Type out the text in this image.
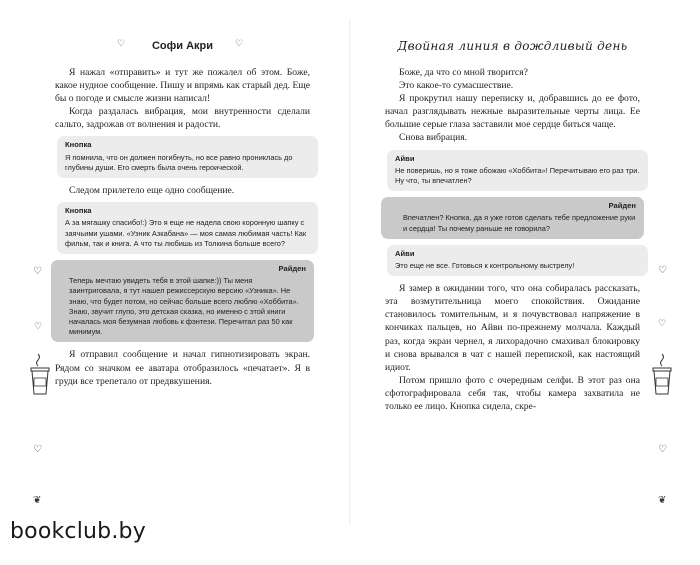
♡	Софи Акри	♡

Я нажал «отправить» и тут же пожалел об этом. Боже, какое нудное сообщение. Пишу и впрямь как старый дед. Еще бы о погоде и смысле жизни написал!

Когда раздалась вибрация, мои внутренности сделали сальто, задрожав от волнения и радости.

Кнопка
Я помнила, что он должен погибнуть, но все равно прониклась до глубины души. Его смерть была очень героической.

Следом прилетело еще одно сообщение.

Кнопка
А за мягашку спасибо!:) Это я еще не надела свою коронную шапку с заячьими ушами. «Узник Азкабана» — моя самая любимая часть! Как фильм, так и книга. А что ты любишь из Толкина больше всего?
Райден
Теперь мечтаю увидеть тебя в этой шапке:)) Ты меня заинтриговала, я тут нашел режиссерскую версию «Узника». Не знаю, что будет потом, но сейчас больше всего люблю «Хоббита». Знаю, звучит глупо, это детская сказка, но именно с этой книги началась моя безумная любовь к фэнтези. Перечитал раз 50 как минимум.

Я отправил сообщение и начал гипнотизировать экран. Рядом со значком ее аватара отобразилось «печатает». Я в груди все трепетало от предвкушения.

Двойная линия в дождливый день

Боже, да что со мной творится?

Это какое-то сумасшествие.

Я прокрутил нашу переписку и, добравшись до ее фото, начал разглядывать нежные выразительные черты лица. Ее большие серые глаза заставили мое сердце биться чаще.

Снова вибрация.

Айви
Не поверишь, но я тоже обожаю «Хоббита»! Перечитываю его раз три. Ну что, ты впечатлен?
Райден
Впечатлен? Кнопка, да я уже готов сделать тебе предложение руки и сердца! Ты почему раньше не говорила?
Айви
Это еще не все. Готовься к контрольному выстрелу!

Я замер в ожидании того, что она собиралась рассказать, эта возмутительница моего спокойствия. Ожидание становилось томительным, и я почувствовал напряжение в кончиках пальцев, но Айви по-прежнему молчала. Каждый раз, когда экран чернел, я лихорадочно смахивал блокировку и снова врывался в чат с нашей перепиской, как настоящий идиот.

Потом пришло фото с очередным селфи. В этот раз она сфотографировала себя так, чтобы камера захватила не только ее лицо. Кнопка сидела, скре-

♡
♡
♡
❦
♡
♡
♡
❦
bookclub.by
